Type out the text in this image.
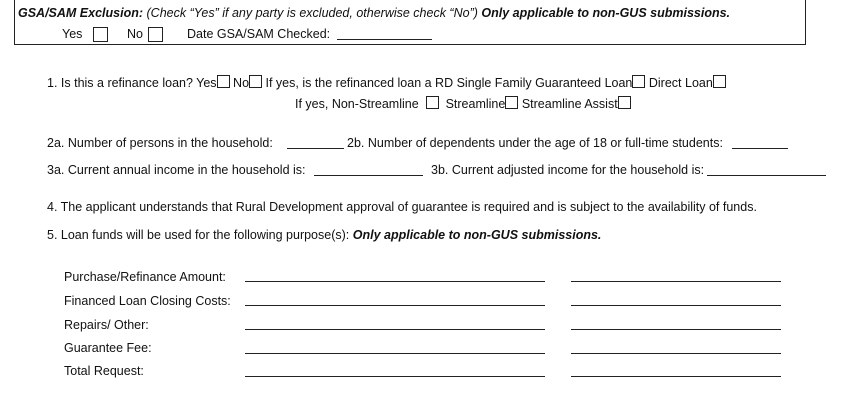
GSA/SAM Exclusion: (Check “Yes” if any party is excluded, otherwise check “No”) Only applicable to non-GUS submissions.
Yes	No	Date GSA/SAM Checked:
1. Is this a refinance loan? Yes No If yes, is the refinanced loan a RD Single Family Guaranteed Loan Direct Loan
If yes, Non-Streamline Streamline Streamline Assist
2a. Number of persons in the household:	2b. Number of dependents under the age of 18 or full-time students:
3a. Current annual income in the household is:	3b. Current adjusted income for the household is:
4. The applicant understands that Rural Development approval of guarantee is required and is subject to the availability of funds.
5. Loan funds will be used for the following purpose(s): Only applicable to non-GUS submissions.
Purchase/Refinance Amount:
Financed Loan Closing Costs:
Repairs/ Other:
Guarantee Fee:
Total Request:
